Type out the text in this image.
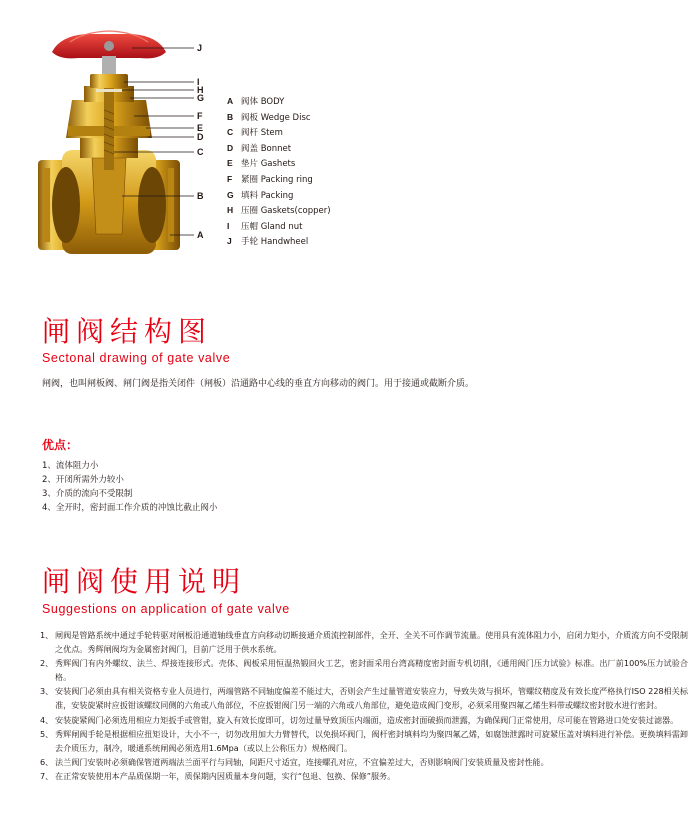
J
I
H
G
F
E
D
C
B
A
A 阀体 BODY
B 阀板 Wedge Disc
C 阀杆 Stem
D 阀盖 Bonnet
E 垫片 Gashets
F 紧圈 Packing ring
G 填料 Packing
H 压圈 Gaskets(copper)
I 压帽 Gland nut
J 手轮 Handwheel
闸阀结构图
Sectonal drawing of gate valve
闸阀，也叫闸板阀、闸门阀是指关闭件（闸板）沿通路中心线的垂直方向移动的阀门。用于接通或截断介质。
优点：
1、流体阻力小
2、开闭所需外力较小
3、介质的流向不受限制
4、全开时，密封面工作介质的冲蚀比截止阀小
闸阀使用说明
Suggestions on application of gate valve
1、 闸阀是管路系统中通过手轮转驱对闸板沿通道轴线垂直方向移动切断接通介质流控制部件，全开、全关不可作调节流量。使用具有流体阻力小，启闭力矩小，介质流方向不受限制之优点。秀辉闸阀均为金属密封阀门，目前广泛用于供水系统。
2、 秀辉阀门有内外螺纹、法兰、焊接连接形式。壳体、阀板采用恒温热锻回火工艺，密封面采用台湾高精度密封面专机切削，《通用阀门压力试验》标准。出厂前100%压力试验合格。
3、 安装阀门必须由具有相关资格专业人员进行，两端管路不同轴度偏差不能过大，否则会产生过量管道安装应力，导致失效与损坏，管螺纹精度及有效长度严格执行ISO 228相关标准，安装旋紧时应扳钳该螺纹同侧的六角或八角部位，不应扳钳阀门另一端的六角或八角部位，避免造成阀门变形，必须采用聚四氟乙烯生料带或螺纹密封胶水进行密封。
4、 安装旋紧阀门必须选用相应力矩扳手或管钳，旋入有效长度即可，切勿过量导致顶压内端面，造成密封面破损而泄露，为确保阀门正常使用，尽可能在管路进口处安装过滤器。
5、 秀辉闸阀手轮是根据相应扭矩设计，大小不一，切勿改用加大力臂替代，以免损坏阀门，阀杆密封填料均为聚四氟乙烯，如腐蚀泄露时可旋紧压盖对填料进行补偿。更换填料需卸去介质压力，制冷，暖通系统闸阀必须选用1.6Mpa（或以上公称压力）规格阀门。
6、 法兰阀门安装时必须确保管道两端法兰面平行与同轴，间距尺寸适宜，连接螺孔对应，不宜偏差过大，否则影响阀门安装质量及密封性能。
7、 在正常安装使用本产品质保期一年，质保期内因质量本身问题，实行“包退、包换、保修”服务。
